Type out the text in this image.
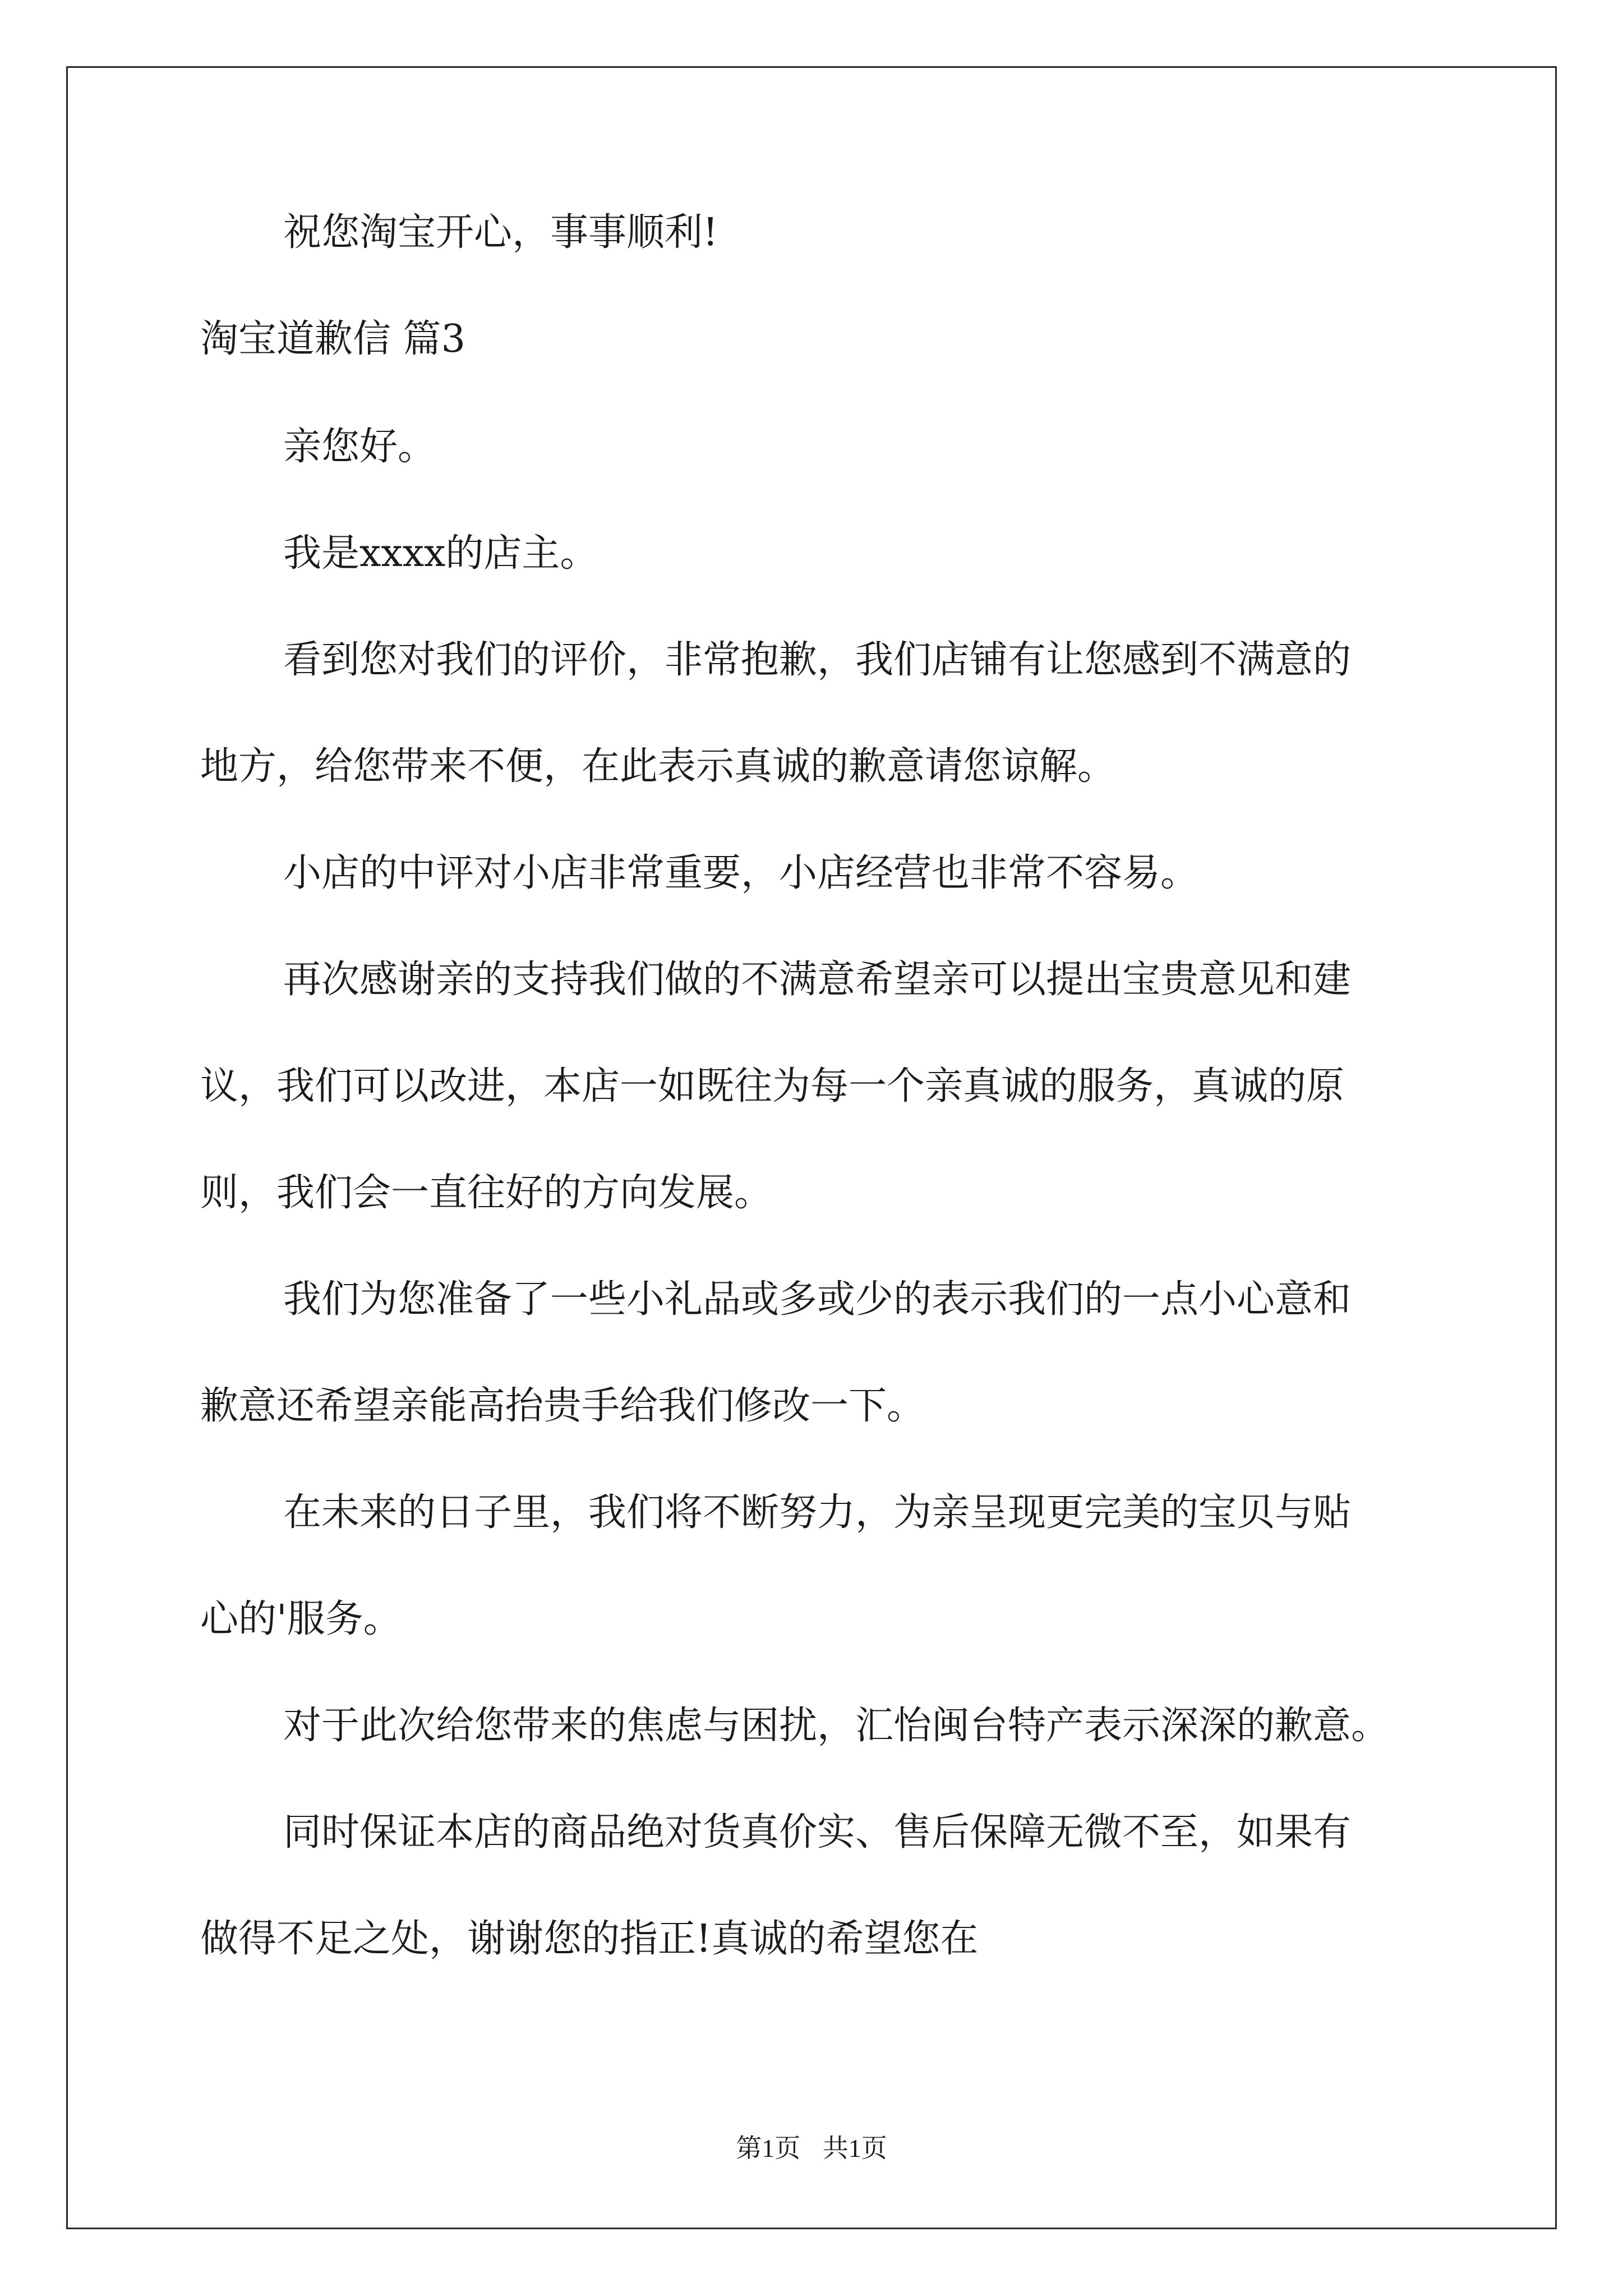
祝您淘宝开心，事事顺利!
淘宝道歉信 篇3
亲您好。
我是xxxx的店主。
看到您对我们的评价，非常抱歉，我们店铺有让您感到不满意的
地方，给您带来不便，在此表示真诚的歉意请您谅解。
小店的中评对小店非常重要，小店经营也非常不容易。
再次感谢亲的支持我们做的不满意希望亲可以提出宝贵意见和建
议，我们可以改进，本店一如既往为每一个亲真诚的服务，真诚的原
则，我们会一直往好的方向发展。
我们为您准备了一些小礼品或多或少的表示我们的一点小心意和
歉意还希望亲能高抬贵手给我们修改一下。
在未来的日子里，我们将不断努力，为亲呈现更完美的宝贝与贴
心的'服务。
对于此次给您带来的焦虑与困扰，汇怡闽台特产表示深深的歉意。
同时保证本店的商品绝对货真价实、售后保障无微不至，如果有
做得不足之处，谢谢您的指正!真诚的希望您在
第1页 共1页
